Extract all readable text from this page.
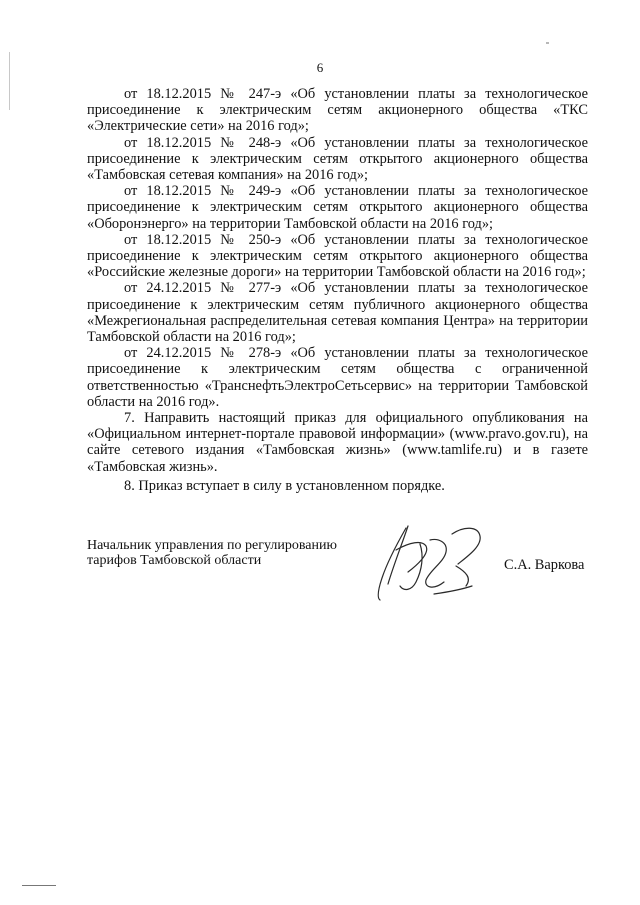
6

от 18.12.2015 № 247-э «Об установлении платы за технологическое присоединение к электрическим сетям акционерного общества «ТКС «Электрические сети» на 2016 год»;

от 18.12.2015 № 248-э «Об установлении платы за технологическое присоединение к электрическим сетям открытого акционерного общества «Тамбовская сетевая компания» на 2016 год»;

от 18.12.2015 № 249-э «Об установлении платы за технологическое присоединение к электрическим сетям открытого акционерного общества «Оборонэнерго» на территории Тамбовской области на 2016 год»;

от 18.12.2015 № 250-э «Об установлении платы за технологическое присоединение к электрическим сетям открытого акционерного общества «Российские железные дороги» на территории Тамбовской области на 2016 год»;

от 24.12.2015 № 277-э «Об установлении платы за технологическое присоединение к электрическим сетям публичного акционерного общества «Межрегиональная распределительная сетевая компания Центра» на территории Тамбовской области на 2016 год»;

от 24.12.2015 № 278-э «Об установлении платы за технологическое присоединение к электрическим сетям общества с ограниченной ответственностью «ТранснефтьЭлектроСетьсервис» на территории Тамбовской области на 2016 год».

7. Направить настоящий приказ для официального опубликования на «Официальном интернет-портале правовой информации» (www.pravo.gov.ru), на сайте сетевого издания «Тамбовская жизнь» (www.tamlife.ru) и в газете «Тамбовская жизнь».

8. Приказ вступает в силу в установленном порядке.

Начальник управления по регулированию
тарифов Тамбовской области	С.А. Варкова
